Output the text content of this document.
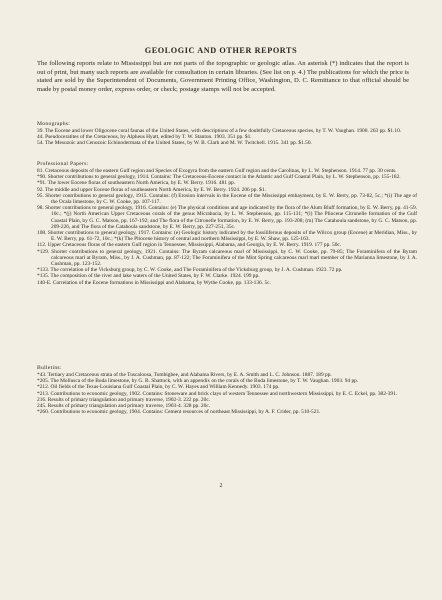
GEOLOGIC AND OTHER REPORTS

The following reports relate to Mississippi but are not parts of the topographic or geologic atlas. An asterisk (*) indicates that the report is out of print, but many such reports are available for consultation in certain libraries. (See list on p. 4.) The publications for which the price is stated are sold by the Superintendent of Documents, Government Printing Office, Washington, D. C. Remittance to that official should be made by postal money order, express order, or check; postage stamps will not be accepted.

Monographs:

39. The Eocene and lower Oligocene coral faunas of the United States, with descriptions of a few doubtfully Cretaceous species, by T. W. Vaughan. 1900. 263 pp. $1.10.
44. Pseudoceratites of the Cretaceous, by Alpheus Hyatt, edited by T. W. Stanton. 1903. 351 pp. $1.
54. The Mesozoic and Cenozoic Echinodermata of the United States, by W. B. Clark and M. W. Twitchell. 1915. 341 pp. $1.50.

Professional Papers:

81. Cretaceous deposits of the eastern Gulf region and Species of Exogyra from the eastern Gulf region and the Carolinas, by L. W. Stephenson. 1914. 77 pp. 30 cents.
*90. Shorter contributions to general geology, 1914. Contains: The Cretaceous-Eocene contact in the Atlantic and Gulf Coastal Plain, by L. W. Stephenson, pp. 155-182.
*91. The lower Eocene floras of southeastern North America, by E. W. Berry. 1916. 481 pp.
92. The middle and upper Eocene floras of southeastern North America, by E. W. Berry. 1924. 206 pp. $1.
95. Shorter contributions to general geology, 1915. Contains: (f) Erosion intervals in the Eocene of the Mississippi embayment, by E. W. Berry, pp. 73-82, 5c.; *(i) The age of the Ocala limestone, by C. W. Cooke, pp. 107-117.
98. Shorter contributions to general geology, 1916. Contains: (e) The physical conditions and age indicated by the flora of the Alum Bluff formation, by E. W. Berry, pp. 41-59. 10c.; *(j) North American Upper Cretaceous corals of the genus Micrabacia, by L. W. Stephenson, pp. 115-131; *(l) The Pliocene Citronelle formation of the Gulf Coastal Plain, by G. C. Matson, pp. 167-192; and The flora of the Citronelle formation, by E. W. Berry, pp. 193-208; (m) The Catahoula sandstone, by G. C. Matson, pp. 209-226, and The flora of the Catahoula sandstone, by E. W. Berry, pp. 227-251, 35c.
108. Shorter contributions to general geology, 1917. Contains: (e) Geologic history indicated by the fossiliferous deposits of the Wilcox group (Eocene) at Meridian, Miss., by E. W. Berry, pp. 61-72, 10c.; *(k) The Pliocene history of central and northern Mississippi, by E. W. Shaw, pp. 125-163.
112. Upper Cretaceous floras of the eastern Gulf region in Tennessee, Mississippi, Alabama, and Georgia, by E. W. Berry. 1919. 177 pp. 50c.
*129. Shorter contributions to general geology, 1921. Contains: The Byram calcareous marl of Mississippi, by C. W. Cooke, pp. 79-85; The Foraminifera of the Byram calcareous marl at Byram, Miss., by J. A. Cushman, pp. 87-122; The Foraminifera of the Mint Spring calcareous marl marl member of the Marianna limestone, by J. A. Cushman, pp. 123-152.
*133. The correlation of the Vicksburg group, by C. W. Cooke, and The Foraminifera of the Vicksburg group, by J. A. Cushman. 1923. 72 pp.
*135. The composition of the river and lake waters of the United States, by F. W. Clarke. 1924. 199 pp.
140-E. Correlation of the Eocene formations in Mississippi and Alabama, by Wythe Cooke, pp. 133-136. 5c.

Bulletins:

*43. Tertiary and Cretaceous strata of the Tuscaloosa, Tombigbee, and Alabama Rivers, by E. A. Smith and L. C. Johnson. 1887. 189 pp.
*205. The Mollusca of the Buda limestone, by G. B. Shattuck, with an appendix on the corals of the Buda limestone, by T. W. Vaughan. 1903. 94 pp.
*212. Oil fields of the Texas-Louisiana Gulf Coastal Plain, by C. W. Hayes and William Kennedy. 1903. 174 pp.
*213. Contributions to economic geology, 1902. Contains: Stoneware and brick clays of western Tennessee and northwestern Mississippi, by E. C. Eckel, pp. 382-391.
216. Results of primary triangulation and primary traverse, 1902-3. 222 pp. 20c.
245. Results of primary triangulation and primary traverse, 1903-4. 328 pp. 20c.
*260. Contributions to economic geology, 1904. Contains: Cement resources of northeast Mississippi, by A. F. Crider, pp. 510-521.
2
